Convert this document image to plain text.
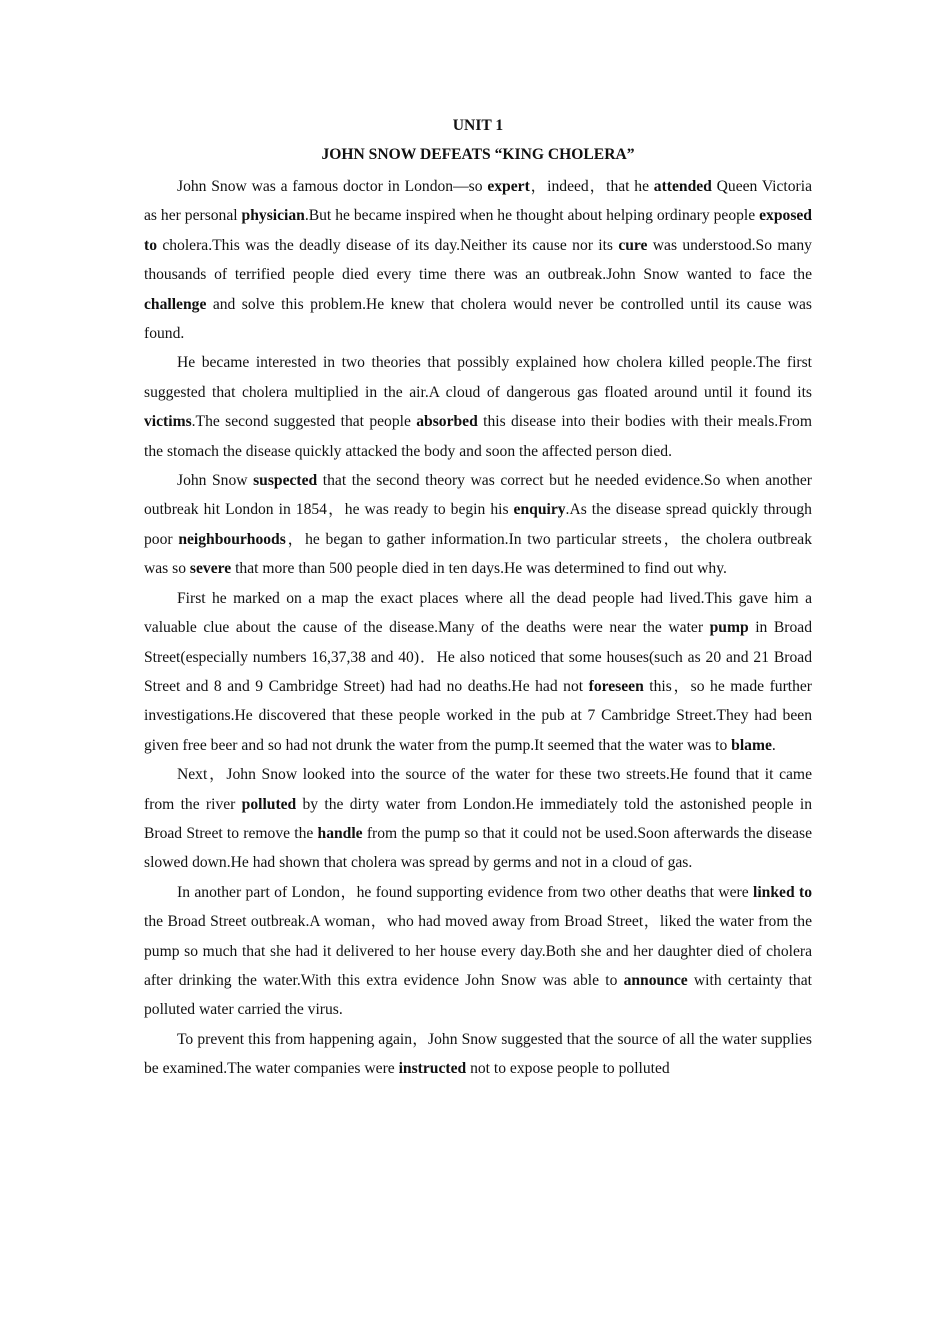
UNIT 1

JOHN SNOW DEFEATS “KING CHOLERA”

John Snow was a famous doctor in London—so expert，indeed，that he attended Queen Victoria as her personal physician.But he became inspired when he thought about helping ordinary people exposed to cholera.This was the deadly disease of its day.Neither its cause nor its cure was understood.So many thousands of terrified people died every time there was an outbreak.John Snow wanted to face the challenge and solve this problem.He knew that cholera would never be controlled until its cause was found.

He became interested in two theories that possibly explained how cholera killed people.The first suggested that cholera multiplied in the air.A cloud of dangerous gas floated around until it found its victims.The second suggested that people absorbed this disease into their bodies with their meals.From the stomach the disease quickly attacked the body and soon the affected person died.

John Snow suspected that the second theory was correct but he needed evidence.So when another outbreak hit London in 1854，he was ready to begin his enquiry.As the disease spread quickly through poor neighbourhoods，he began to gather information.In two particular streets，the cholera outbreak was so severe that more than 500 people died in ten days.He was determined to find out why.

First he marked on a map the exact places where all the dead people had lived.This gave him a valuable clue about the cause of the disease.Many of the deaths were near the water pump in Broad Street(especially numbers 16,37,38 and 40)．He also noticed that some houses(such as 20 and 21 Broad Street and 8 and 9 Cambridge Street) had had no deaths.He had not foreseen this，so he made further investigations.He discovered that these people worked in the pub at 7 Cambridge Street.They had been given free beer and so had not drunk the water from the pump.It seemed that the water was to blame.

Next，John Snow looked into the source of the water for these two streets.He found that it came from the river polluted by the dirty water from London.He immediately told the astonished people in Broad Street to remove the handle from the pump so that it could not be used.Soon afterwards the disease slowed down.He had shown that cholera was spread by germs and not in a cloud of gas.

In another part of London，he found supporting evidence from two other deaths that were linked to the Broad Street outbreak.A woman，who had moved away from Broad Street，liked the water from the pump so much that she had it delivered to her house every day.Both she and her daughter died of cholera after drinking the water.With this extra evidence John Snow was able to announce with certainty that polluted water carried the virus.

To prevent this from happening again，John Snow suggested that the source of all the water supplies be examined.The water companies were instructed not to expose people to polluted
